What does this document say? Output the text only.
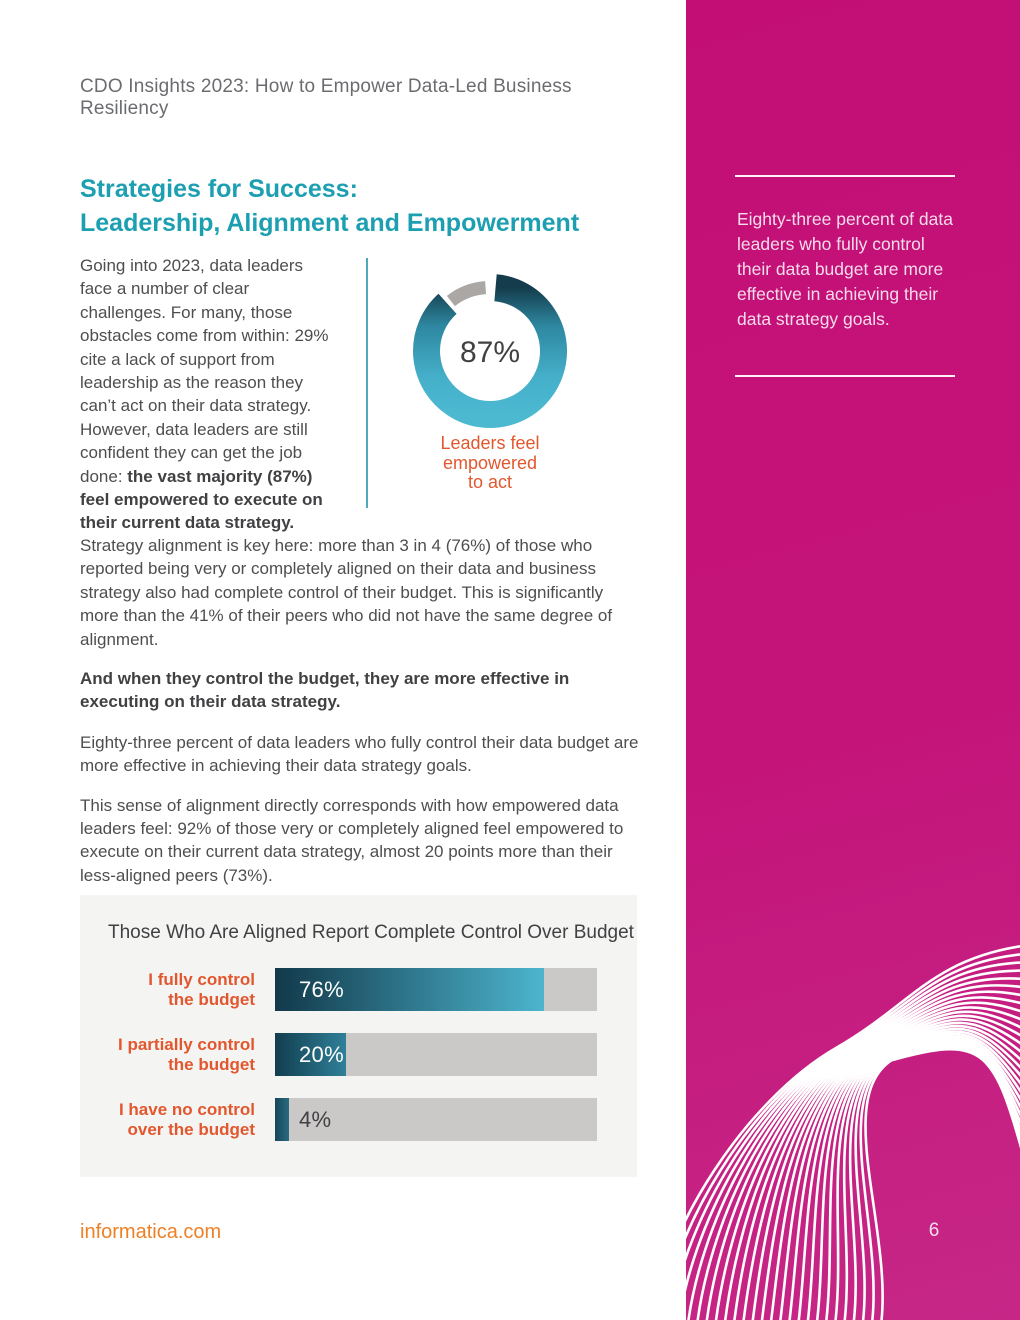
CDO Insights 2023: How to Empower Data-Led Business Resiliency
Strategies for Success:
Leadership, Alignment and Empowerment

Going into 2023, data leaders face a number of clear challenges. For many, those obstacles come from within: 29% cite a lack of support from leadership as the reason they can’t act on their data strategy. However, data leaders are still confident they can get the job done: the vast majority (87%) feel empowered to execute on their current data strategy.

87%
Leaders feel
empowered
to act

Strategy alignment is key here: more than 3 in 4 (76%) of those who reported being very or completely aligned on their data and business strategy also had complete control of their budget. This is significantly more than the 41% of their peers who did not have the same degree of alignment.

And when they control the budget, they are more effective in executing on their data strategy.

Eighty-three percent of data leaders who fully control their data budget are more effective in achieving their data strategy goals.

This sense of alignment directly corresponds with how empowered data leaders feel: 92% of those very or completely aligned feel empowered to execute on their current data strategy, almost 20 points more than their less-aligned peers (73%).

Those Who Are Aligned Report Complete Control Over Budget
I fully control
the budget 76%
I partially control
the budget 20%
I have no control
over the budget 4%
informatica.com
Eighty-three percent of data leaders who fully control their data budget are more effective in achieving their data strategy goals.
6
